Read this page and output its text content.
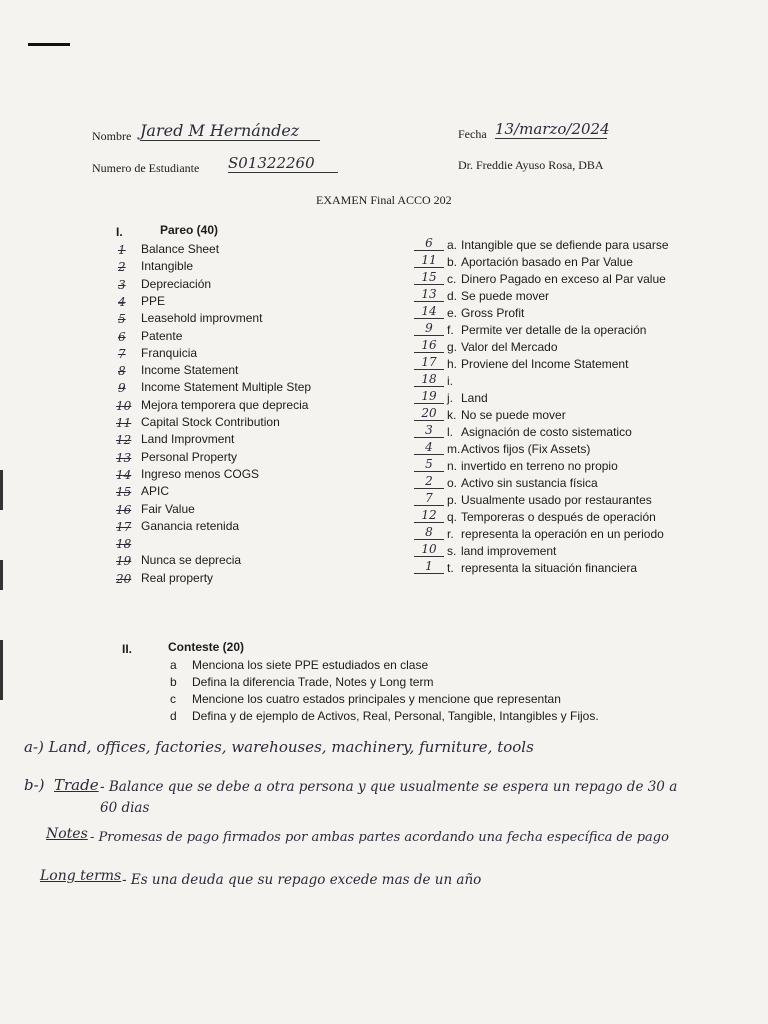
Nombre Jared M Hernández	Fecha 13/marzo/2024
Numero de Estudiante S01322260	Dr. Freddie Ayuso Rosa, DBA
EXAMEN Final ACCO 202
I.	Pareo (40)
1 Balance Sheet
2 Intangible
3 Depreciación
4 PPE
5 Leasehold improvment
6 Patente
7 Franquicia
8 Income Statement
9 Income Statement Multiple Step
10 Mejora temporera que deprecia
11 Capital Stock Contribution
12 Land Improvment
13 Personal Property
14 Ingreso menos COGS
15 APIC
16 Fair Value
17 Ganancia retenida
18
19 Nunca se deprecia
20 Real property
6	a. Intangible que se defiende para usarse
11 b. Aportación basado en Par Value
15 c. Dinero Pagado en exceso al Par value
13 d. Se puede mover
14 e. Gross Profit
9	f. Permite ver detalle de la operación
16 g. Valor del Mercado
17 h. Proviene del Income Statement
18 i.
19 j. Land
20 k. No se puede mover
3	l. Asignación de costo sistematico
4	m. Activos fijos (Fix Assets)
5	n. invertido en terreno no propio
2	o. Activo sin sustancia física
7	p. Usualmente usado por restaurantes
12 q. Temporeras o después de operación
8	r. representa la operación en un periodo
10 s. land improvement
1	t. representa la situación financiera
II.	Conteste (20)
a Menciona los siete PPE estudiados en clase
b Defina la diferencia Trade, Notes y Long term
c Mencione los cuatro estados principales y mencione que representan
d Defina y de ejemplo de Activos, Real, Personal, Tangible, Intangibles y Fijos.
a-) Land, offices, factories, warehouses, machinery, furniture, tools
b-) Trade - Balance que se debe a otra persona y que usualmente se espera un repago de 30 a
60 dias
Notes - Promesas de pago firmados por ambas partes acordando una fecha específica de pago
Long terms - Es una deuda que su repago excede mas de un año
